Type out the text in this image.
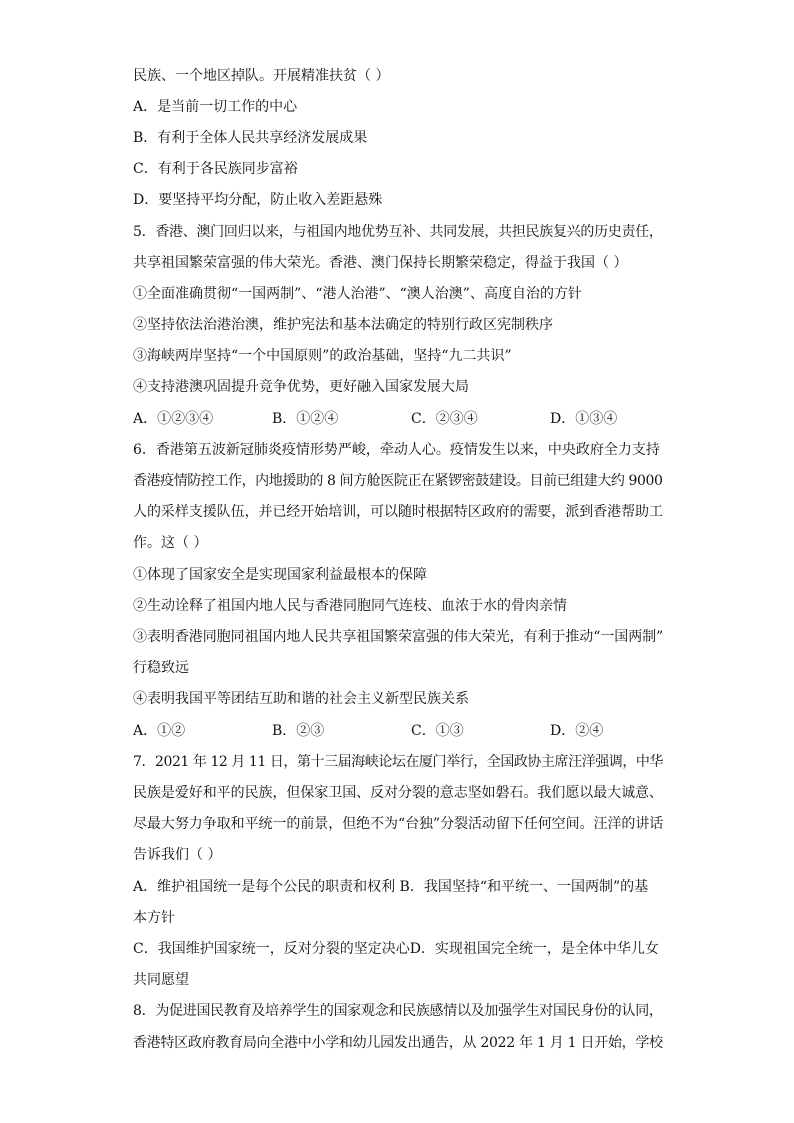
民族、一个地区掉队。开展精准扶贫（ ）
A．是当前一切工作的中心
B．有利于全体人民共享经济发展成果
C．有利于各民族同步富裕
D．要坚持平均分配，防止收入差距悬殊
5．香港、澳门回归以来，与祖国内地优势互补、共同发展，共担民族复兴的历史责任，
共享祖国繁荣富强的伟大荣光。香港、澳门保持长期繁荣稳定，得益于我国（ ）
①全面准确贯彻“一国两制”、“港人治港”、“澳人治澳”、高度自治的方针
②坚持依法治港治澳，维护宪法和基本法确定的特别行政区宪制秩序
③海峡两岸坚持“一个中国原则”的政治基础，坚持“九二共识”
④支持港澳巩固提升竞争优势，更好融入国家发展大局
A．①②③④	B．①②④	C．②③④	D．①③④
6．香港第五波新冠肺炎疫情形势严峻，牵动人心。疫情发生以来，中央政府全力支持
香港疫情防控工作，内地援助的 8 间方舱医院正在紧锣密鼓建设。目前已组建大约 9000
人的采样支援队伍，并已经开始培训，可以随时根据特区政府的需要，派到香港帮助工
作。这（ ）
①体现了国家安全是实现国家利益最根本的保障
②生动诠释了祖国内地人民与香港同胞同气连枝、血浓于水的骨肉亲情
③表明香港同胞同祖国内地人民共享祖国繁荣富强的伟大荣光，有利于推动“一国两制”
行稳致远
④表明我国平等团结互助和谐的社会主义新型民族关系
A．①②	B．②③	C．①③	D．②④
7．2021 年 12 月 11 日，第十三届海峡论坛在厦门举行，全国政协主席汪洋强调，中华
民族是爱好和平的民族，但保家卫国、反对分裂的意志坚如磐石。我们愿以最大诚意、
尽最大努力争取和平统一的前景，但绝不为“台独”分裂活动留下任何空间。汪洋的讲话
告诉我们（ ）
A．维护祖国统一是每个公民的职责和权利 B．我国坚持“和平统一、一国两制”的基
本方针
C．我国维护国家统一，反对分裂的坚定决心D．实现祖国完全统一，是全体中华儿女
共同愿望
8．为促进国民教育及培养学生的国家观念和民族感情以及加强学生对国民身份的认同，
香港特区政府教育局向全港中小学和幼儿园发出通告，从 2022 年 1 月 1 日开始，学校
